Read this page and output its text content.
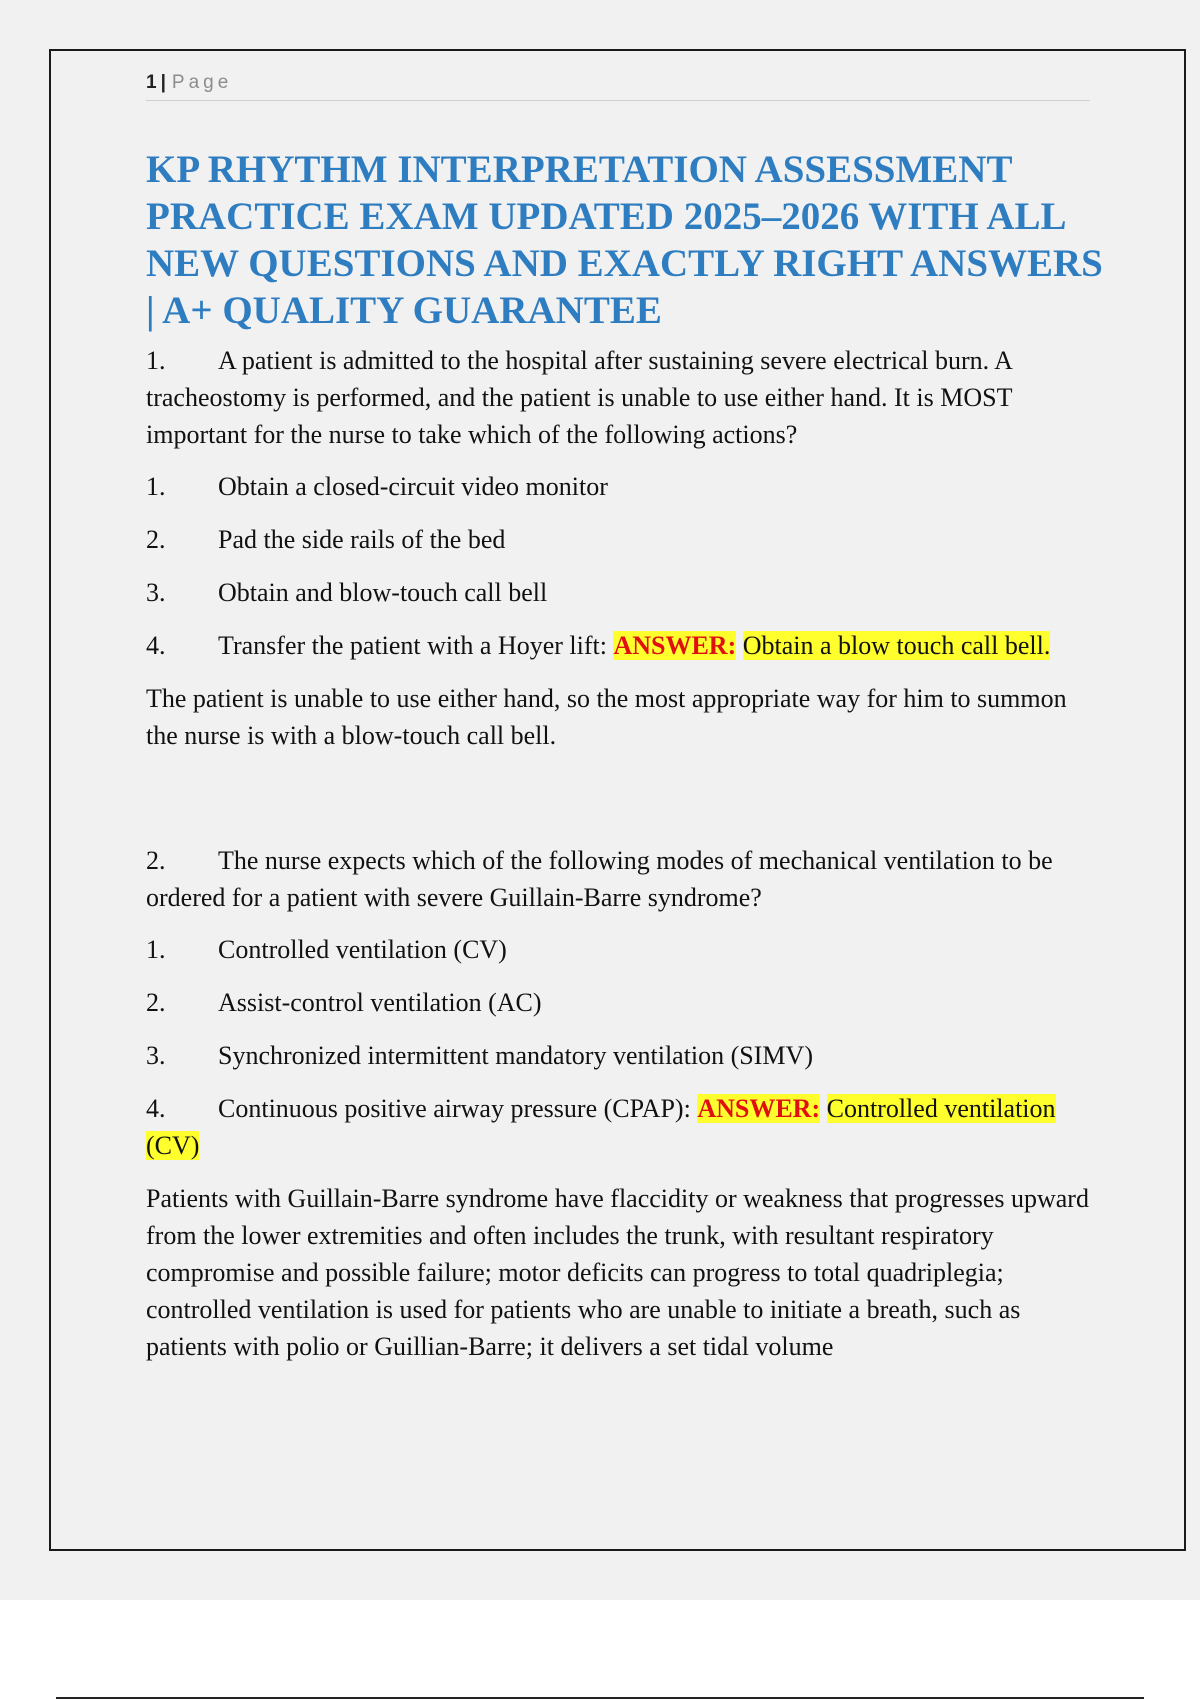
1 | Page
KP RHYTHM INTERPRETATION ASSESSMENT PRACTICE EXAM UPDATED 2025–2026 WITH ALL NEW QUESTIONS AND EXACTLY RIGHT ANSWERS | A+ QUALITY GUARANTEE

1. A patient is admitted to the hospital after sustaining severe electrical burn. A tracheostomy is performed, and the patient is unable to use either hand. It is MOST important for the nurse to take which of the following actions?

1. Obtain a closed-circuit video monitor

2. Pad the side rails of the bed

3. Obtain and blow-touch call bell

4. Transfer the patient with a Hoyer lift: ANSWER: Obtain a blow touch call bell.

The patient is unable to use either hand, so the most appropriate way for him to summon the nurse is with a blow-touch call bell.

2. The nurse expects which of the following modes of mechanical ventilation to be ordered for a patient with severe Guillain-Barre syndrome?

1. Controlled ventilation (CV)

2. Assist-control ventilation (AC)

3. Synchronized intermittent mandatory ventilation (SIMV)

4. Continuous positive airway pressure (CPAP): ANSWER: Controlled ventilation (CV)

Patients with Guillain-Barre syndrome have flaccidity or weakness that progresses upward from the lower extremities and often includes the trunk, with resultant respiratory compromise and possible failure; motor deficits can progress to total quadriplegia; controlled ventilation is used for patients who are unable to initiate a breath, such as patients with polio or Guillian-Barre; it delivers a set tidal volume
